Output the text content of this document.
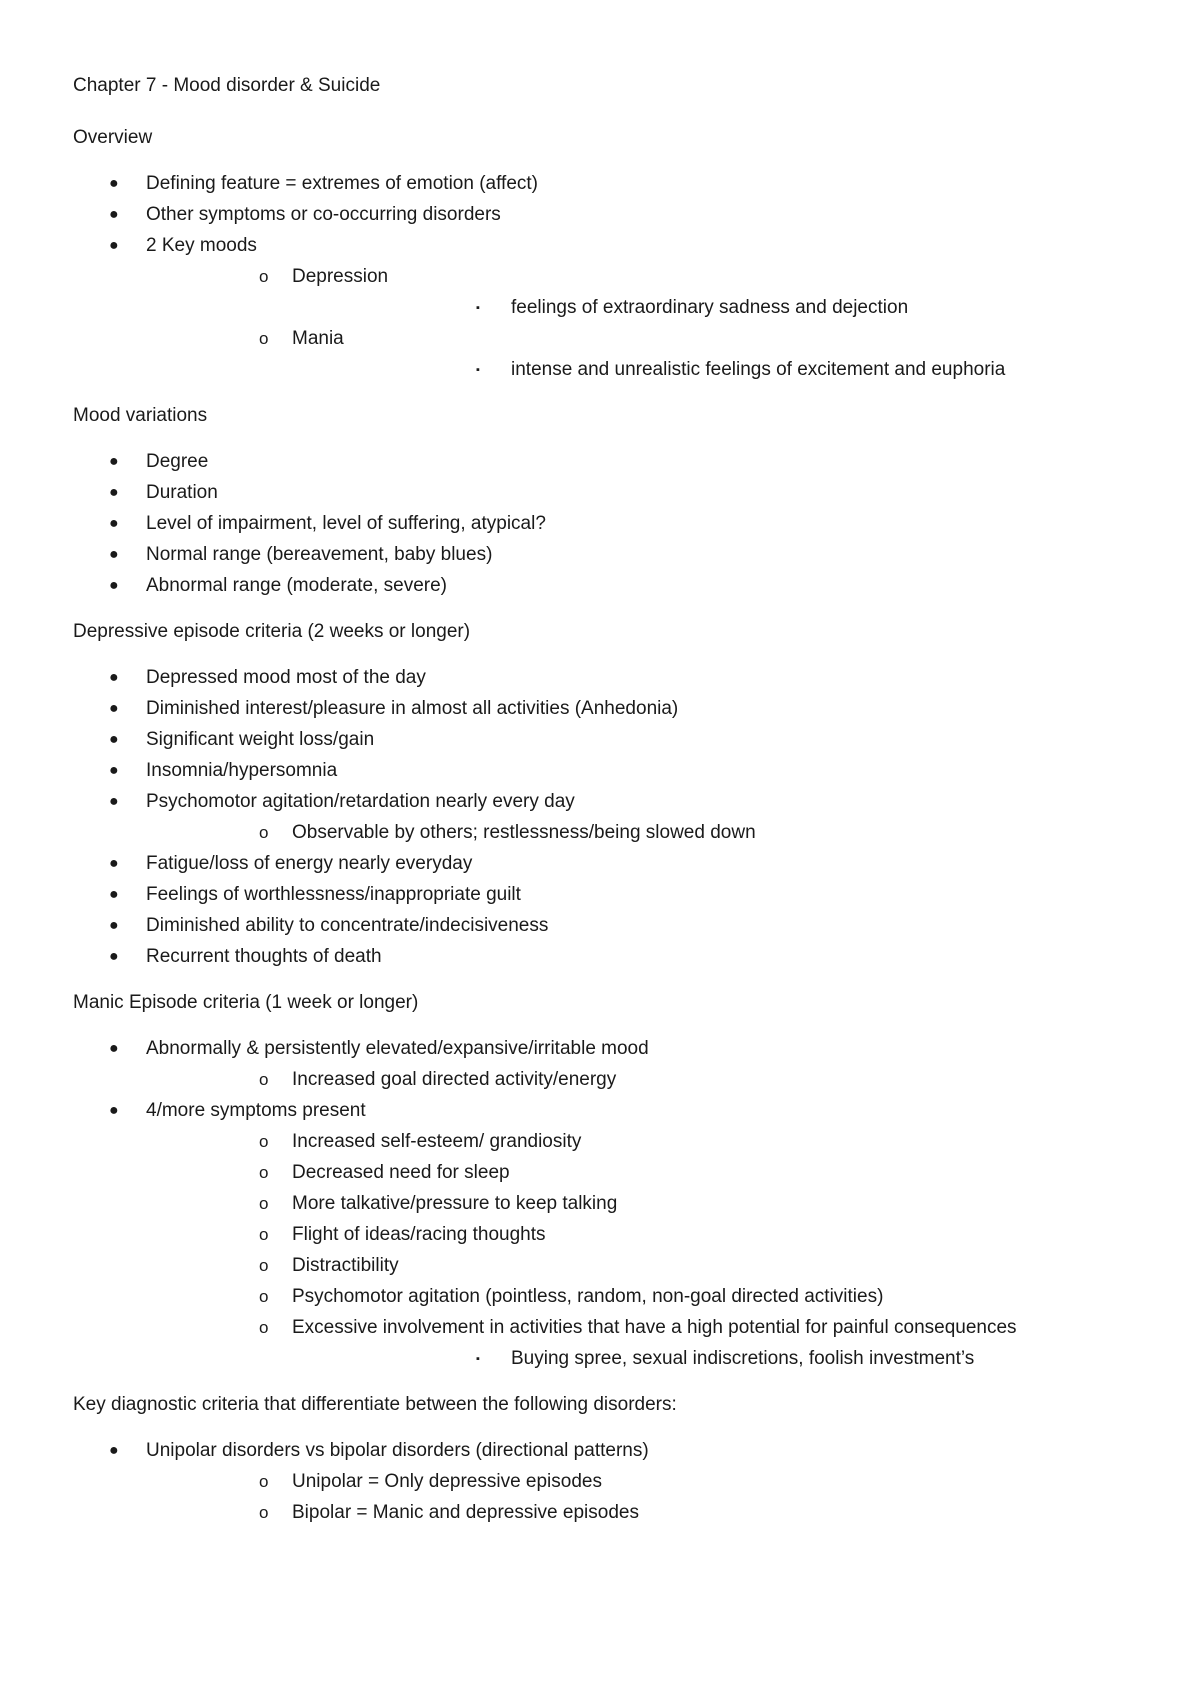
Chapter 7 - Mood disorder & Suicide
Overview
● Defining feature = extremes of emotion (affect)
● Other symptoms or co-occurring disorders
● 2 Key moods
o Depression
▪ feelings of extraordinary sadness and dejection
o Mania
▪ intense and unrealistic feelings of excitement and euphoria
Mood variations
● Degree
● Duration
● Level of impairment, level of suffering, atypical?
● Normal range (bereavement, baby blues)
● Abnormal range (moderate, severe)
Depressive episode criteria (2 weeks or longer)
● Depressed mood most of the day
● Diminished interest/pleasure in almost all activities (Anhedonia)
● Significant weight loss/gain
● Insomnia/hypersomnia
● Psychomotor agitation/retardation nearly every day
o Observable by others; restlessness/being slowed down
● Fatigue/loss of energy nearly everyday
● Feelings of worthlessness/inappropriate guilt
● Diminished ability to concentrate/indecisiveness
● Recurrent thoughts of death
Manic Episode criteria (1 week or longer)
● Abnormally & persistently elevated/expansive/irritable mood
o Increased goal directed activity/energy
● 4/more symptoms present
o Increased self-esteem/ grandiosity
o Decreased need for sleep
o More talkative/pressure to keep talking
o Flight of ideas/racing thoughts
o Distractibility
o Psychomotor agitation (pointless, random, non-goal directed activities)
o Excessive involvement in activities that have a high potential for painful consequences
▪ Buying spree, sexual indiscretions, foolish investment’s
Key diagnostic criteria that differentiate between the following disorders:
● Unipolar disorders vs bipolar disorders (directional patterns)
o Unipolar = Only depressive episodes
o Bipolar = Manic and depressive episodes
